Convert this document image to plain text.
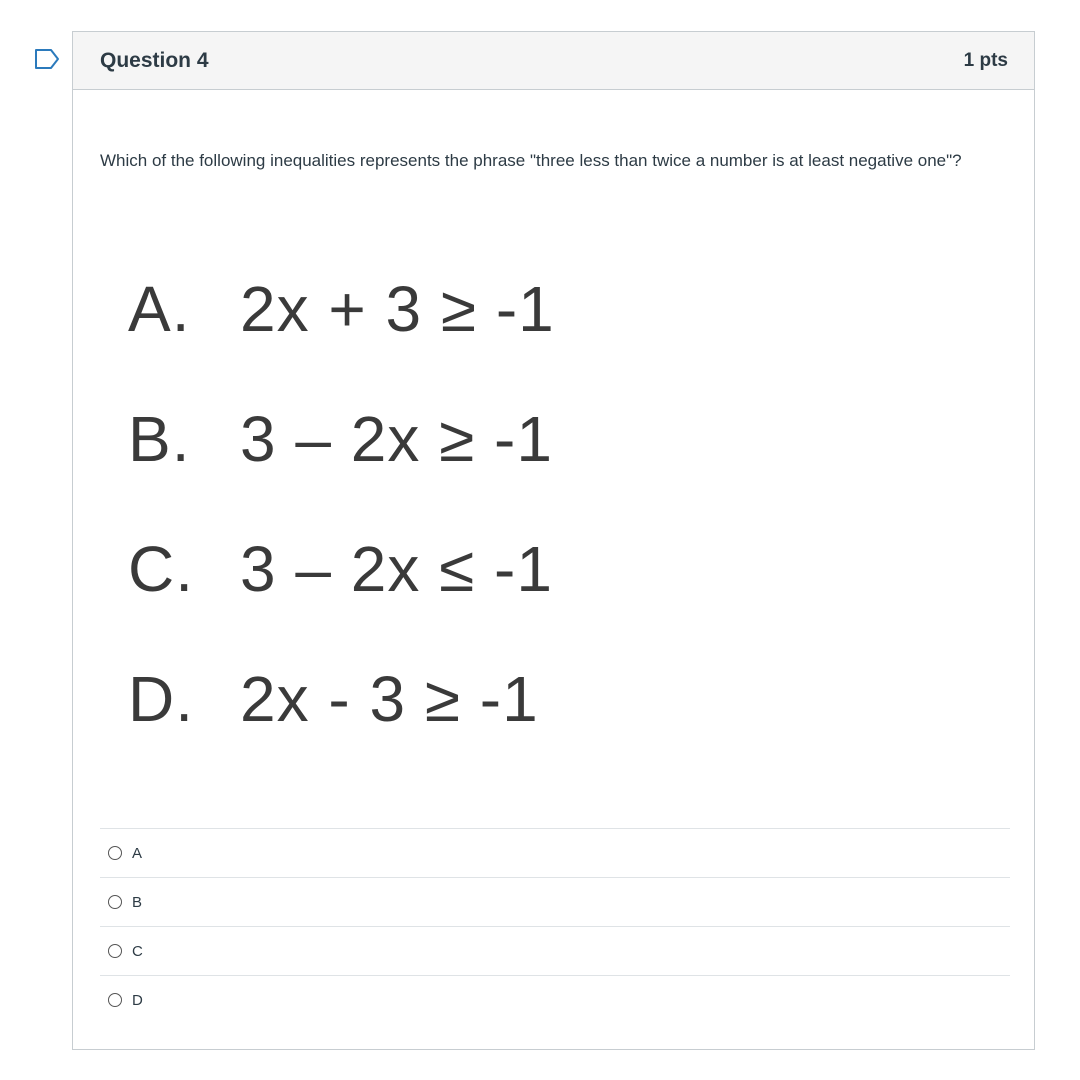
Question 4	1 pts
Which of the following inequalities represents the phrase "three less than twice a number is at least negative one"?
A. 2x + 3 ≥ -1
B. 3 – 2x ≥ -1
C. 3 – 2x ≤ -1
D. 2x - 3 ≥ -1
A
B
C
D
